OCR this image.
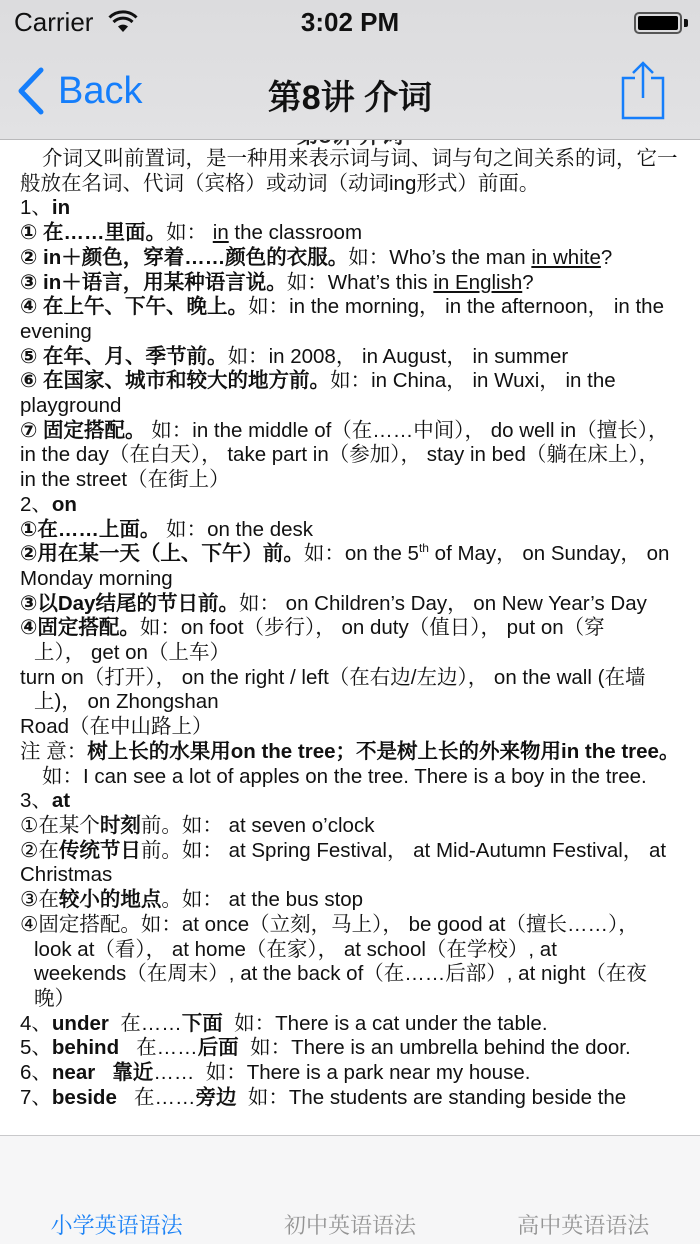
Carrier	3:02 PM
Back	第8讲 介词

介词又叫前置词，是一种用来表示词与词、词与句之间关系的词，它一般放在名词、代词（宾格）或动词（动词ing形式）前面。

1、in

① 在……里面。如： in the classroom

② in＋颜色，穿着……颜色的衣服。如：Who’s the man in white?

③ in＋语言，用某种语言说。如：What’s this in English?

④ 在上午、下午、晚上。如：in the morning， in the afternoon， in the evening

⑤ 在年、月、季节前。如：in 2008， in August， in summer

⑥ 在国家、城市和较大的地方前。如：in China， in Wuxi， in the playground

⑦ 固定搭配。 如：in the middle of（在……中间）， do well in（擅长）， in the day（在白天）， take part in（参加）， stay in bed（躺在床上）， in the street（在街上）

2、on

①在……上面。 如：on the desk

②用在某一天（上、下午）前。如：on the 5th of May， on Sunday， on Monday morning

③以Day结尾的节日前。如： on Children’s Day， on New Year’s Day

④固定搭配。如：on foot（步行）， on duty（值日）， put on（穿

上）， get on（上车）

turn on（打开）， on the right / left（在右边/左边）， on the wall (在墙

上)， on Zhongshan

Road（在中山路上）

注 意：树上长的水果用on the tree；不是树上长的外来物用in the tree。

如：I can see a lot of apples on the tree. There is a boy in the tree.

3、at

①在某个时刻前。如： at seven o’clock

②在传统节日前。如： at Spring Festival， at Mid-Autumn Festival， at Christmas

③在较小的地点。如： at the bus stop

④固定搭配。如：at once（立刻，马上）， be good at（擅长……），

look at（看）， at home（在家）， at school（在学校）, at

weekends（在周末）, at the back of（在……后部）, at night（在夜

晚）

4、under  在……下面  如：There is a cat under the table.

5、behind   在……后面  如：There is an umbrella behind the door.

6、near 靠近……  如：There is a park near my house.

7、beside   在……旁边  如：The students are standing beside the

小学英语语法	初中英语语法	高中英语语法
